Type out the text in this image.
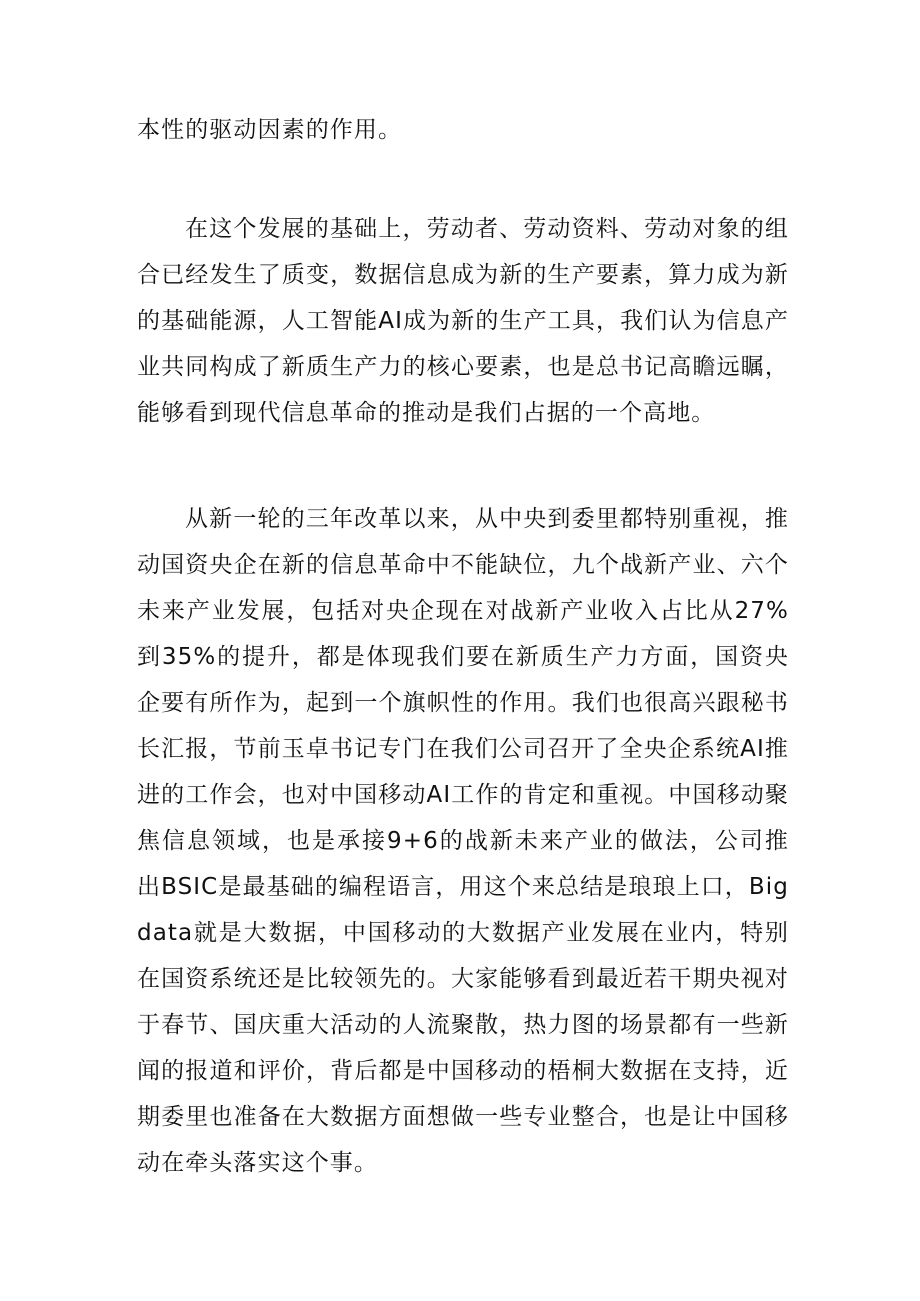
本性的驱动因素的作用。

在这个发展的基础上，劳动者、劳动资料、劳动对象的组合已经发生了质变，数据信息成为新的生产要素，算力成为新的基础能源，人工智能AI成为新的生产工具，我们认为信息产业共同构成了新质生产力的核心要素，也是总书记高瞻远瞩，能够看到现代信息革命的推动是我们占据的一个高地。

从新一轮的三年改革以来，从中央到委里都特别重视，推动国资央企在新的信息革命中不能缺位，九个战新产业、六个未来产业发展，包括对央企现在对战新产业收入占比从27%到35%的提升，都是体现我们要在新质生产力方面，国资央企要有所作为，起到一个旗帜性的作用。我们也很高兴跟秘书长汇报，节前玉卓书记专门在我们公司召开了全央企系统AI推进的工作会，也对中国移动AI工作的肯定和重视。中国移动聚焦信息领域，也是承接9+6的战新未来产业的做法，公司推出BSIC是最基础的编程语言，用这个来总结是琅琅上口，Bigdata就是大数据，中国移动的大数据产业发展在业内，特别在国资系统还是比较领先的。大家能够看到最近若干期央视对于春节、国庆重大活动的人流聚散，热力图的场景都有一些新闻的报道和评价，背后都是中国移动的梧桐大数据在支持，近期委里也准备在大数据方面想做一些专业整合，也是让中国移动在牵头落实这个事。
